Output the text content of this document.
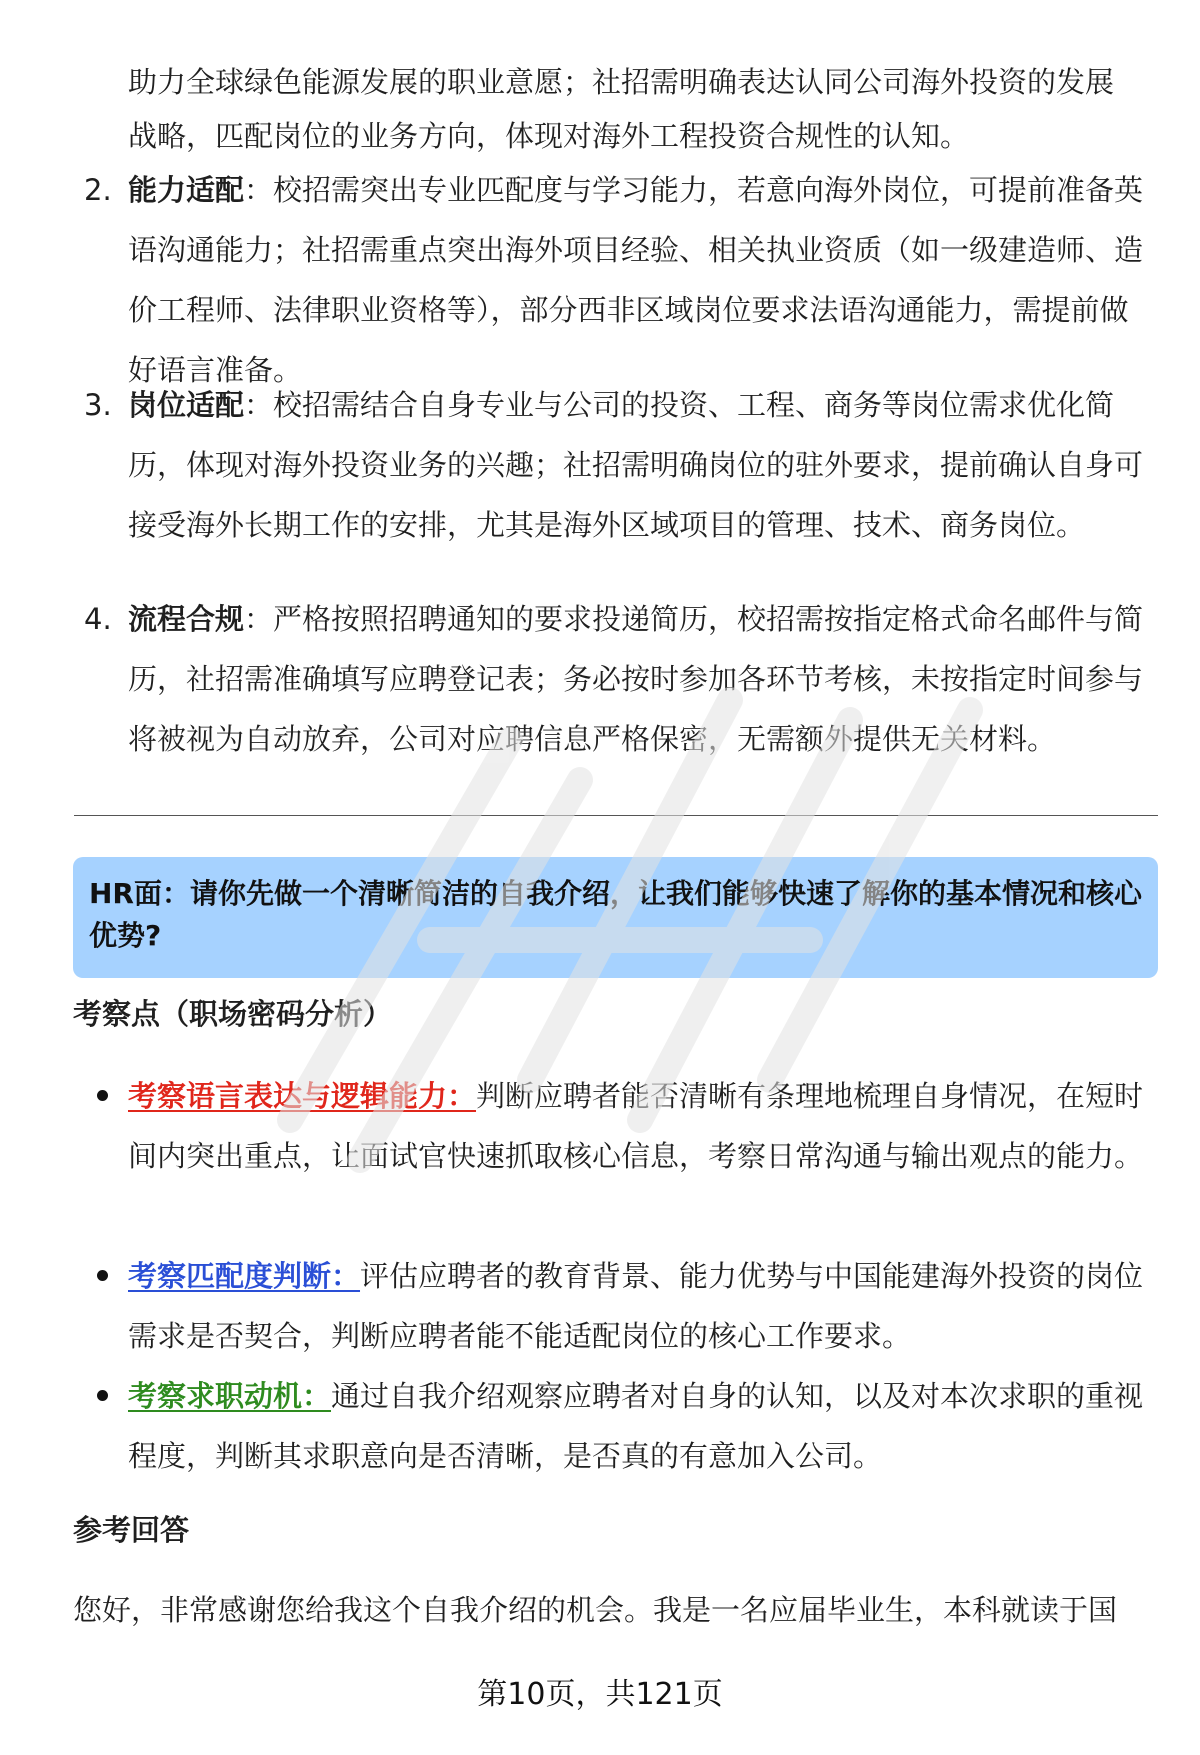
助力全球绿色能源发展的职业意愿；社招需明确表达认同公司海外投资的发展

战略，匹配岗位的业务方向，体现对海外工程投资合规性的认知。

2. 能力适配：校招需突出专业匹配度与学习能力，若意向海外岗位，可提前准备英语沟通能力；社招需重点突出海外项目经验、相关执业资质（如一级建造师、造价工程师、法律职业资格等），部分西非区域岗位要求法语沟通能力，需提前做好语言准备。

3. 岗位适配：校招需结合自身专业与公司的投资、工程、商务等岗位需求优化简历，体现对海外投资业务的兴趣；社招需明确岗位的驻外要求，提前确认自身可接受海外长期工作的安排，尤其是海外区域项目的管理、技术、商务岗位。

4. 流程合规：严格按照招聘通知的要求投递简历，校招需按指定格式命名邮件与简历，社招需准确填写应聘登记表；务必按时参加各环节考核，未按指定时间参与将被视为自动放弃，公司对应聘信息严格保密，无需额外提供无关材料。

HR面：请你先做一个清晰简洁的自我介绍，让我们能够快速了解你的基本情况和核心优势?
考察点（职场密码分析）

考察语言表达与逻辑能力：判断应聘者能否清晰有条理地梳理自身情况，在短时间内突出重点，让面试官快速抓取核心信息，考察日常沟通与输出观点的能力。

考察匹配度判断：评估应聘者的教育背景、能力优势与中国能建海外投资的岗位需求是否契合，判断应聘者能不能适配岗位的核心工作要求。

考察求职动机：通过自我介绍观察应聘者对自身的认知，以及对本次求职的重视程度，判断其求职意向是否清晰，是否真的有意加入公司。

参考回答
您好，非常感谢您给我这个自我介绍的机会。我是一名应届毕业生，本科就读于国
第10页，共121页
